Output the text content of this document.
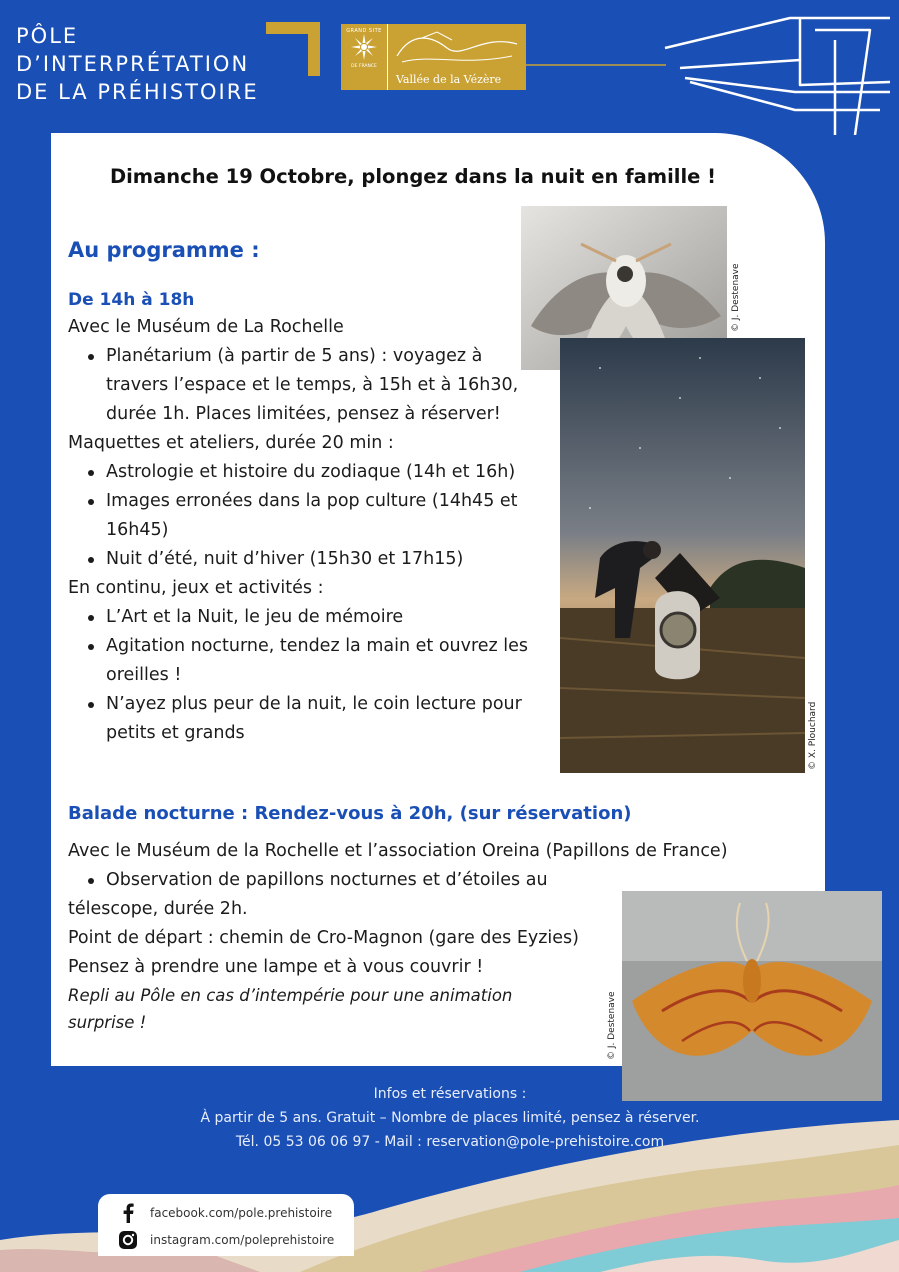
PÔLE
D’INTERPRÉTATION
DE LA PRÉHISTOIRE
GRAND SITE
DE FRANCE
Vallée de la Vézère
Dimanche 19 Octobre, plongez dans la nuit en famille !
Au programme :
De 14h à 18h
Avec le Muséum de La Rochelle
Planétarium (à partir de 5 ans) : voyagez à
travers l’espace et le temps, à 15h et à 16h30,
durée 1h. Places limitées, pensez à réserver!
Maquettes et ateliers, durée 20 min :
Astrologie et histoire du zodiaque (14h et 16h)
Images erronées dans la pop culture (14h45 et
16h45)
Nuit d’été, nuit d’hiver (15h30 et 17h15)
En continu, jeux et activités :
L’Art et la Nuit, le jeu de mémoire
Agitation nocturne, tendez la main et ouvrez les
oreilles !
N’ayez plus peur de la nuit, le coin lecture pour
petits et grands
© J. Destenave
© X. Plouchard
Balade nocturne : Rendez-vous à 20h, (sur réservation)
Avec le Muséum de la Rochelle et l’association Oreina (Papillons de France)
Observation de papillons nocturnes et d’étoiles au
télescope, durée 2h.
Point de départ : chemin de Cro-Magnon (gare des Eyzies)
Pensez à prendre une lampe et à vous couvrir !
Repli au Pôle en cas d’intempérie pour une animation
surprise !	© J. Destenave
Infos et réservations :
À partir de 5 ans. Gratuit – Nombre de places limité, pensez à réserver.
Tél. 05 53 06 06 97 - Mail : reservation@pole-prehistoire.com
facebook.com/pole.prehistoire
instagram.com/poleprehistoire
